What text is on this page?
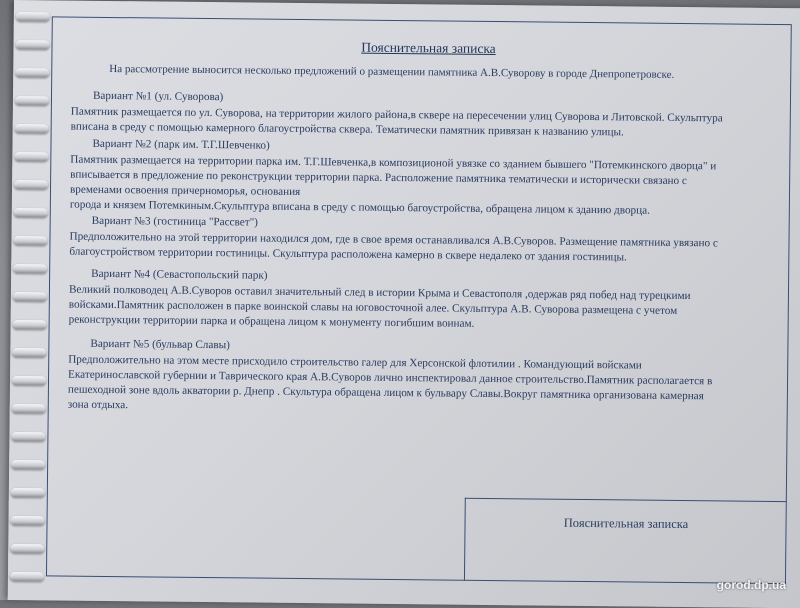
Пояснительная записка
На рассмотрение выносится несколько предложений о размещении памятника А.В.Суворову в городе Днепропетровске.
Вариант №1 (ул. Суворова)
Памятник размещается по ул. Суворова, на территории жилого района,в сквере на пересечении улиц Суворова и Литовской. Скульптура
вписана в среду с помощью камерного благоустройства сквера. Тематически памятник привязан к названию улицы.
Вариант №2 (парк им. Т.Г.Шевченко)
Памятник размещается на территории парка им. Т.Г.Шевченка,в композиционой увязке со зданием бывшего "Потемкинского дворца" и
вписывается в предложение по реконструкции территории парка. Расположение памятника тематически и исторически связано с
временами освоения причерноморья, основания
города и князем Потемкиным.Скульптура вписана в среду с помощью багоустройства, обращена лицом к зданию дворца.
Вариант №3 (гостиница "Рассвет")
Предположительно на этой территории находился дом, где в свое время останавливался А.В.Суворов. Размещение памятника увязано с
благоустройством территории гостиницы. Скульптура расположена камерно в сквере недалеко от здания гостиницы.
Вариант №4 (Севастопольский парк)
Великий полководец А.В.Суворов оставил значительный след в истории Крыма и Севастополя ,одержав ряд побед над турецкими
войсками.Памятник расположен в парке воинской славы на юговосточной алее. Скульптура А.В. Суворова размещена с учетом
реконструкции территории парка и обращена лицом к монументу погибшим воинам.
Вариант №5 (бульвар Славы)
Предположительно на этом месте присходило строительство галер для Херсонской флотилии . Командующий войсками
Екатеринославской губернии и Таврического края А.В.Суворов лично инспектировал данное строительство.Памятник располагается в
пешеходной зоне вдоль акватории р. Днепр . Скультура обращена лицом к бульвару Славы.Вокруг памятника организована камерная
зона отдыха.
Пояснительная записка
gorod.dp.ua
